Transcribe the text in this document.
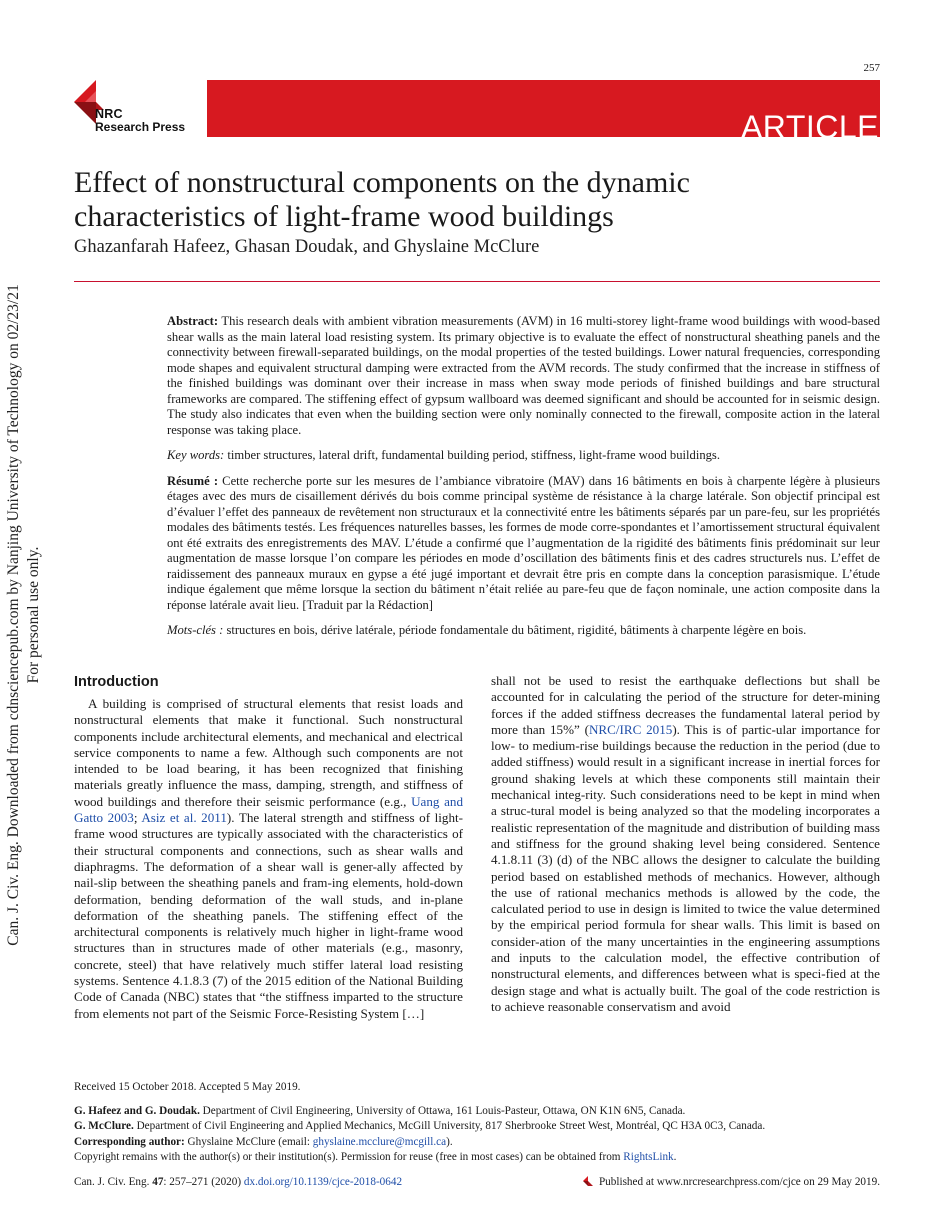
Can. J. Civ. Eng. Downloaded from cdnsciencepub.com by Nanjing University of Technology on 02/23/21 For personal use only.
257
NRC
Research Press	ARTICLE
Effect of nonstructural components on the dynamic
characteristics of light-frame wood buildings
Ghazanfarah Hafeez, Ghasan Doudak, and Ghyslaine McClure

Abstract: This research deals with ambient vibration measurements (AVM) in 16 multi-storey light-frame wood buildings with wood-based shear walls as the main lateral load resisting system. Its primary objective is to evaluate the effect of nonstructural sheathing panels and the connectivity between firewall-separated buildings, on the modal properties of the tested buildings. Lower natural frequencies, corresponding mode shapes and equivalent structural damping were extracted from the AVM records. The study confirmed that the increase in stiffness of the finished buildings was dominant over their increase in mass when sway mode periods of finished buildings and bare structural frameworks are compared. The stiffening effect of gypsum wallboard was deemed significant and should be accounted for in seismic design. The study also indicates that even when the building section were only nominally connected to the firewall, composite action in the lateral response was taking place.

Key words: timber structures, lateral drift, fundamental building period, stiffness, light-frame wood buildings.

Résumé : Cette recherche porte sur les mesures de l’ambiance vibratoire (MAV) dans 16 bâtiments en bois à charpente légère à plusieurs étages avec des murs de cisaillement dérivés du bois comme principal système de résistance à la charge latérale. Son objectif principal est d’évaluer l’effet des panneaux de revêtement non structuraux et la connectivité entre les bâtiments séparés par un pare-feu, sur les propriétés modales des bâtiments testés. Les fréquences naturelles basses, les formes de mode corre-spondantes et l’amortissement structural équivalent ont été extraits des enregistrements des MAV. L’étude a confirmé que l’augmentation de la rigidité des bâtiments finis prédominait sur leur augmentation de masse lorsque l’on compare les périodes en mode d’oscillation des bâtiments finis et des cadres structurels nus. L’effet de raidissement des panneaux muraux en gypse a été jugé important et devrait être pris en compte dans la conception parasismique. L’étude indique également que même lorsque la section du bâtiment n’était reliée au pare-feu que de façon nominale, une action composite dans la réponse latérale avait lieu. [Traduit par la Rédaction]

Mots-clés : structures en bois, dérive latérale, période fondamentale du bâtiment, rigidité, bâtiments à charpente légère en bois.

Introduction

A building is comprised of structural elements that resist loads and nonstructural elements that make it functional. Such nonstructural components include architectural elements, and mechanical and electrical service components to name a few. Although such components are not intended to be load bearing, it has been recognized that finishing materials greatly influence the mass, damping, strength, and stiffness of wood buildings and therefore their seismic performance (e.g., Uang and Gatto 2003; Asiz et al. 2011). The lateral strength and stiffness of light-frame wood structures are typically associated with the characteristics of their structural components and connections, such as shear walls and diaphragms. The deformation of a shear wall is gener-ally affected by nail-slip between the sheathing panels and fram-ing elements, hold-down deformation, bending deformation of the wall studs, and in-plane deformation of the sheathing panels. The stiffening effect of the architectural components is relatively much higher in light-frame wood structures than in structures made of other materials (e.g., masonry, concrete, steel) that have relatively much stiffer lateral load resisting systems. Sentence 4.1.8.3 (7) of the 2015 edition of the National Building Code of Canada (NBC) states that “the stiffness imparted to the structure from elements not part of the Seismic Force-Resisting System […]

shall not be used to resist the earthquake deflections but shall be accounted for in calculating the period of the structure for deter-mining forces if the added stiffness decreases the fundamental lateral period by more than 15%” (NRC/IRC 2015). This is of partic-ular importance for low- to medium-rise buildings because the reduction in the period (due to added stiffness) would result in a significant increase in inertial forces for ground shaking levels at which these components still maintain their mechanical integ-rity. Such considerations need to be kept in mind when a struc-tural model is being analyzed so that the modeling incorporates a realistic representation of the magnitude and distribution of building mass and stiffness for the ground shaking level being considered. Sentence 4.1.8.11 (3) (d) of the NBC allows the designer to calculate the building period based on established methods of mechanics. However, although the use of rational mechanics methods is allowed by the code, the calculated period to use in design is limited to twice the value determined by the empirical period formula for shear walls. This limit is based on consider-ation of the many uncertainties in the engineering assumptions and inputs to the calculation model, the effective contribution of nonstructural elements, and differences between what is speci-fied at the design stage and what is actually built. The goal of the code restriction is to achieve reasonable conservatism and avoid

Received 15 October 2018. Accepted 5 May 2019.

G. Hafeez and G. Doudak. Department of Civil Engineering, University of Ottawa, 161 Louis-Pasteur, Ottawa, ON K1N 6N5, Canada.

G. McClure. Department of Civil Engineering and Applied Mechanics, McGill University, 817 Sherbrooke Street West, Montréal, QC H3A 0C3, Canada.

Corresponding author: Ghyslaine McClure (email: ghyslaine.mcclure@mcgill.ca).

Copyright remains with the author(s) or their institution(s). Permission for reuse (free in most cases) can be obtained from RightsLink.

Can. J. Civ. Eng. 47: 257–271 (2020) dx.doi.org/10.1139/cjce-2018-0642	Published at www.nrcresearchpress.com/cjce on 29 May 2019.
